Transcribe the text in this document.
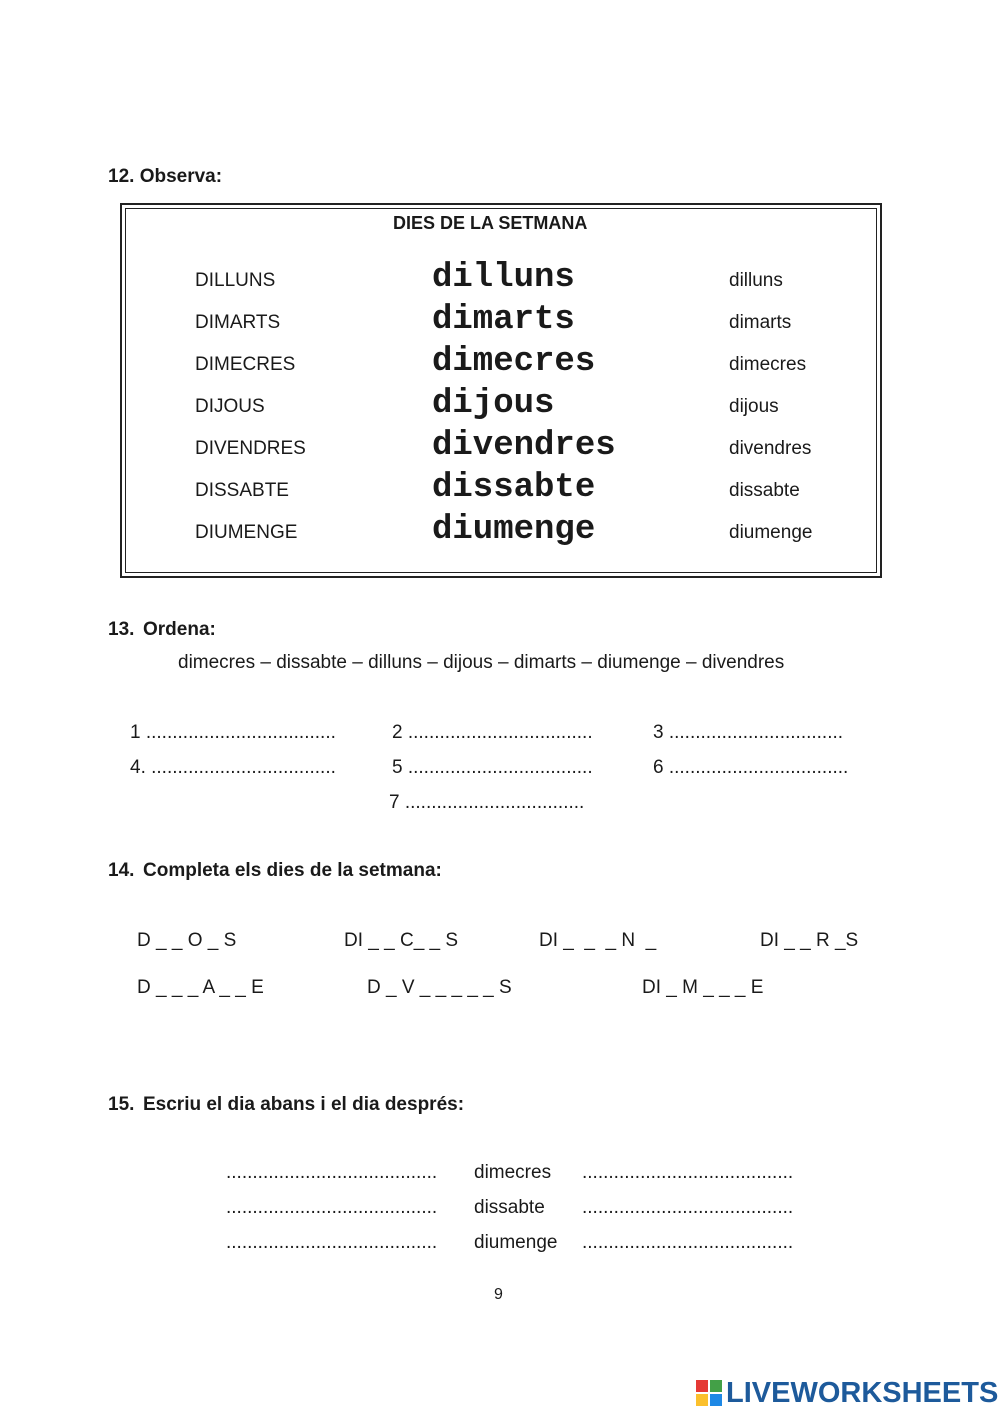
12. Observa:
DIES DE LA SETMANA
DILLUNS	dilluns	dilluns
DIMARTS	dimarts	dimarts
DIMECRES	dimecres	dimecres
DIJOUS	dijous	dijous
DIVENDRES	divendres	divendres
DISSABTE	dissabte	dissabte
DIUMENGE	diumenge	diumenge
13. Ordena:
dimecres – dissabte – dilluns – dijous – dimarts – diumenge – divendres
1 ....................................	2 ...................................	3 .................................
4. ...................................	5 ...................................	6 ..................................
7 ..................................
14. Completa els dies de la setmana:
D _ _ O _ S	DI _ _ C_ _ S	DI _  _  _ N  _	DI _ _ R _S
D _ _ _ A _ _ E	D _ V _ _ _ _ _ S	DI _ M _ _ _ E
15. Escriu el dia abans i el dia després:
........................................ dimecres ........................................
........................................ dissabte ........................................
........................................ diumenge ........................................
9
LIVEWORKSHEETS
